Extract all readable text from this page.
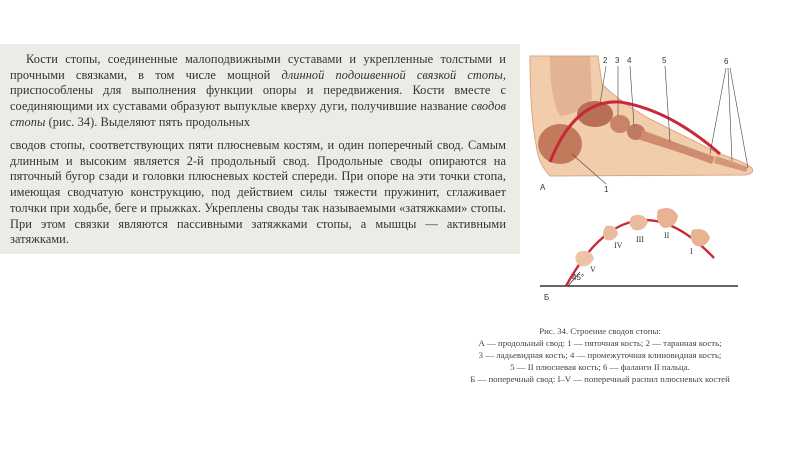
Кости стопы, соединенные малоподвижными суставами и укрепленные толстыми и прочными связками, в том числе мощной длинной подошвенной связкой стопы, приспособлены для выполнения функции опоры и передвижения. Кости вместе с соединяющими их суставами образуют выпуклые кверху дуги, получившие название сводов стопы (рис. 34). Выделяют пять продольных

сводов стопы, соответствующих пяти плюсневым костям, и один поперечный свод. Самым длинным и высоким является 2-й продольный свод. Продольные своды опираются на пяточный бугор сзади и головки плюсневых костей спереди. При опоре на эти точки стопа, имеющая сводчатую конструкцию, под действием силы тяжести пружинит, сглаживает толчки при ходьбе, беге и прыжках. Укреплены своды так называемыми «затяжками» стопы. При этом связки являются пассивными затяжками стопы, а мышцы — активными затяжками.

2 3 4	5	6
А	1
I
II
III
IV
V
45°
Б

Рис. 34. Строение сводов стопы:
А — продольный свод: 1 — пяточная кость; 2 — таранная кость;
3 — ладьевидная кость; 4 — промежуточная клиновидная кость;
5 — II плюсневая кость; 6 — фаланги II пальца.
Б — поперечный свод: I–V — поперечный распил плюсневых костей
